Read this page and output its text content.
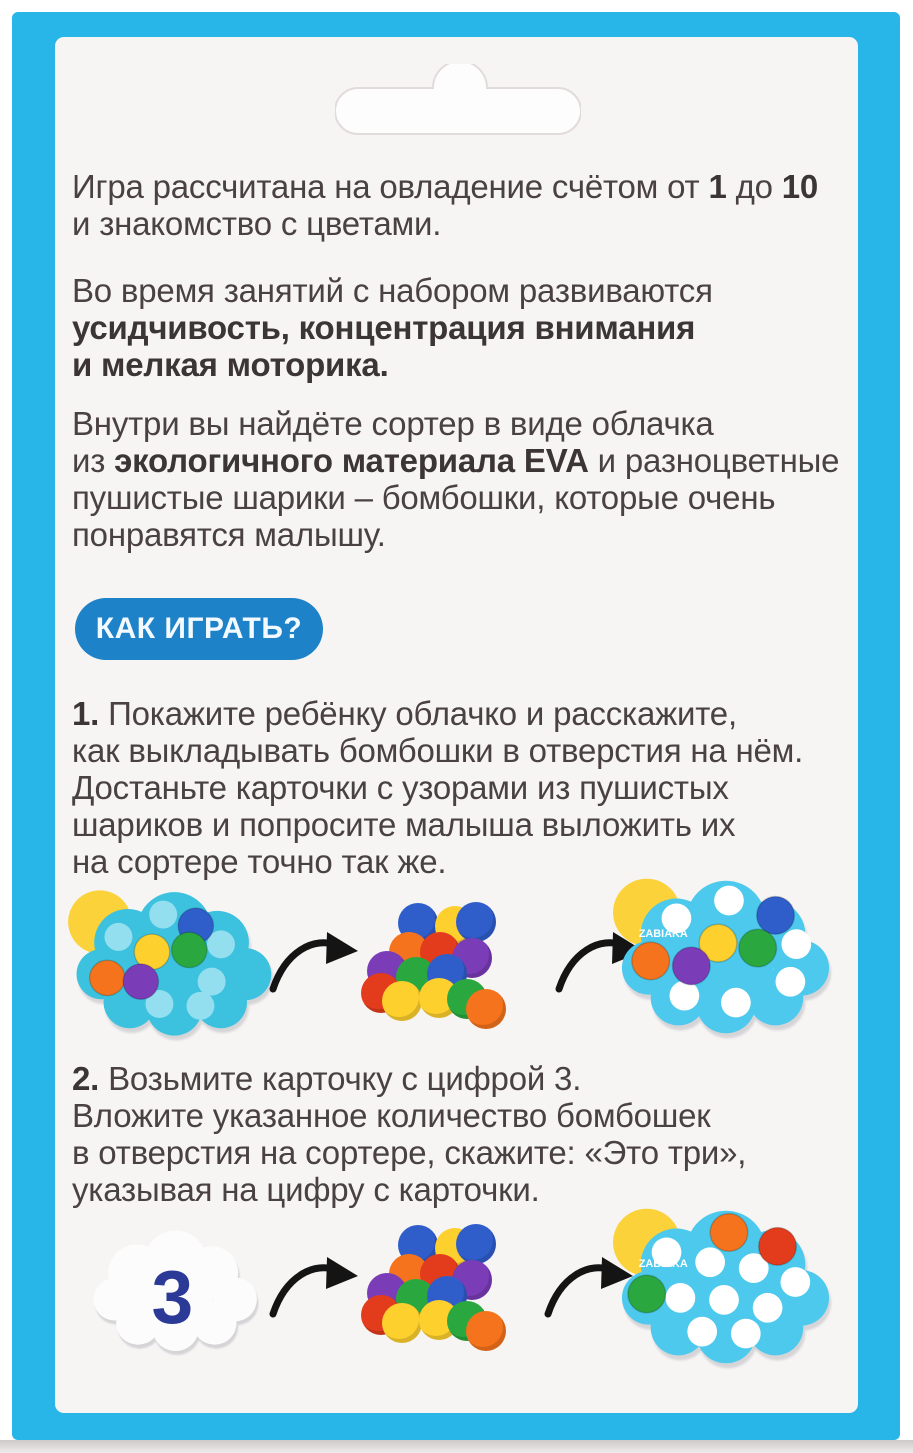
Игра рассчитана на овладение счётом от 1 до 10
и знакомство с цветами.
Во время занятий с набором развиваются
усидчивость, концентрация внимания
и мелкая моторика.
Внутри вы найдёте сортер в виде облачка
из экологичного материала EVA и разноцветные
пушистые шарики – бомбошки, которые очень
понравятся малышу.
КАК ИГРАТЬ?
1. Покажите ребёнку облачко и расскажите,
как выкладывать бомбошки в отверстия на нём.
Достаньте карточки с узорами из пушистых
шариков и попросите малыша выложить их
на сортере точно так же.
ZABIAKA
2. Возьмите карточку с цифрой 3.
Вложите указанное количество бомбошек
в отверстия на сортере, скажите: «Это три»,
указывая на цифру с карточки.
3	ZABIAKA
